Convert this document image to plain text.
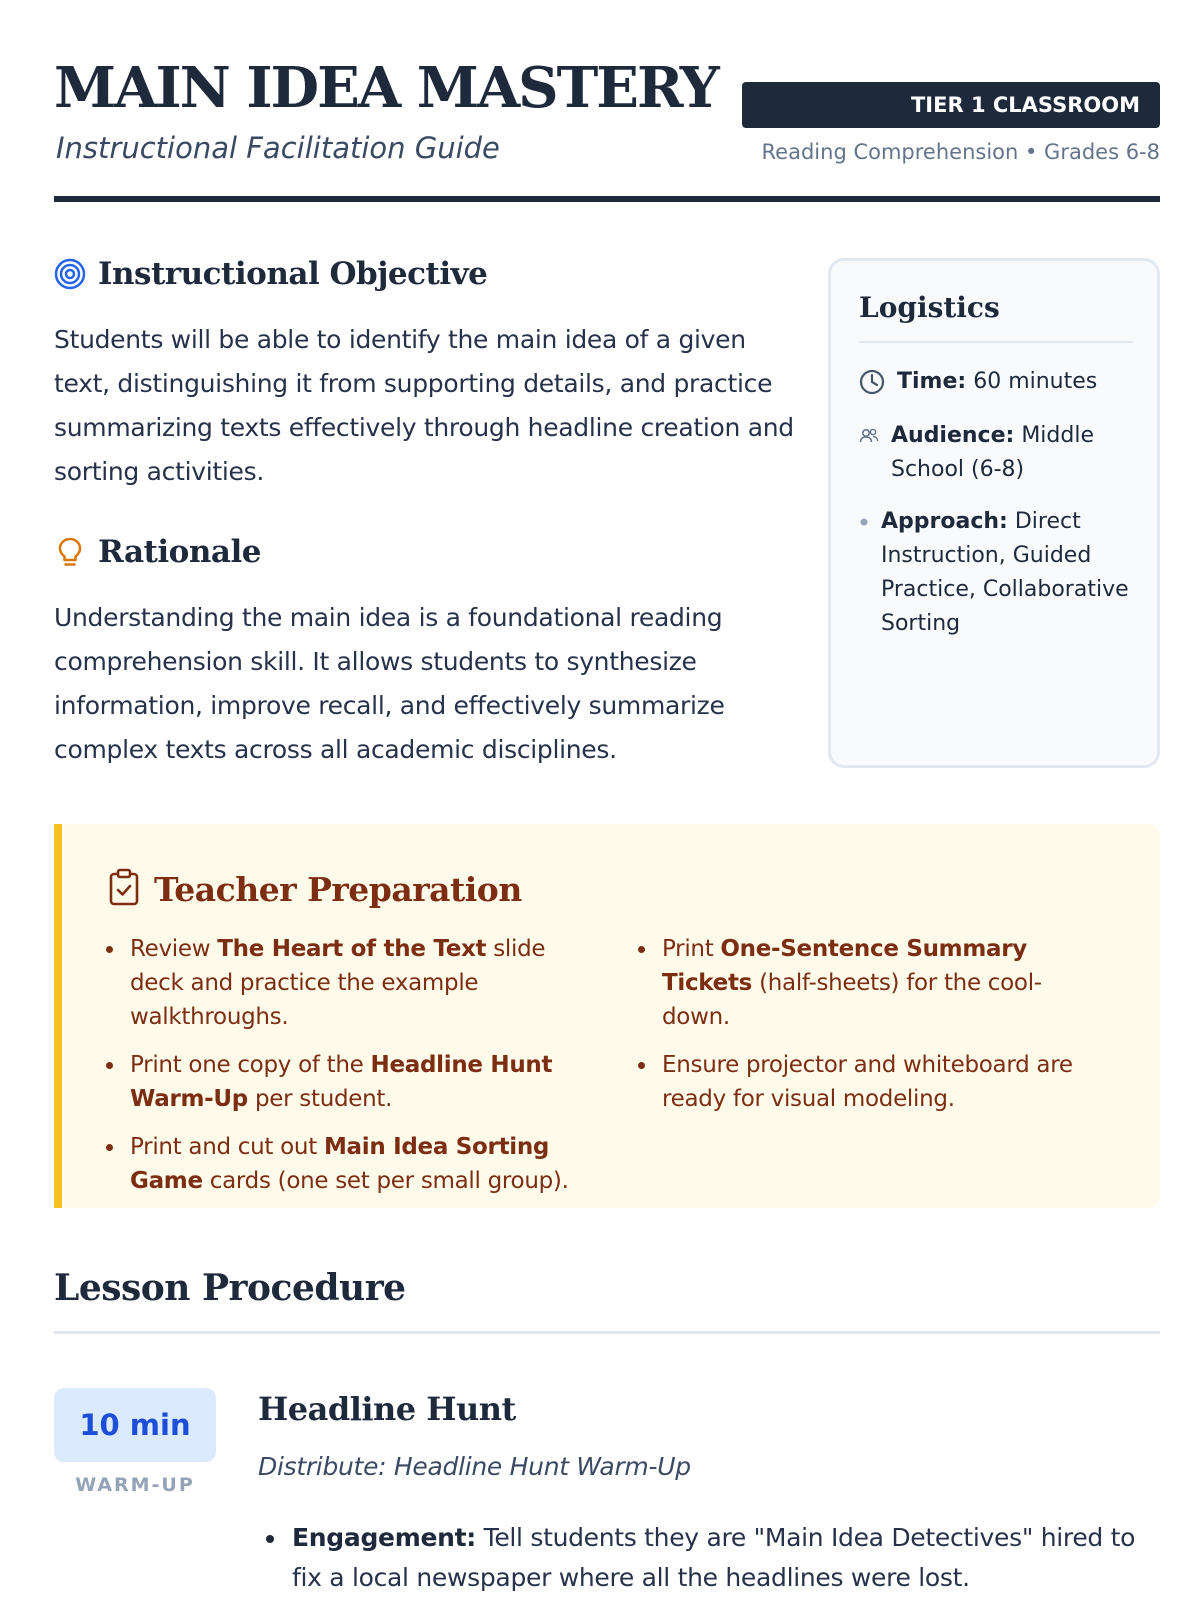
MAIN IDEA MASTERY
Instructional Facilitation Guide
TIER 1 CLASSROOM
Reading Comprehension • Grades 6-8
Instructional Objective

Students will be able to identify the main idea of a given text, distinguishing it from supporting details, and practice summarizing texts effectively through headline creation and sorting activities.

Rationale

Understanding the main idea is a foundational reading comprehension skill. It allows students to synthesize information, improve recall, and effectively summarize complex texts across all academic disciplines.

Logistics
Time: 60 minutes
Audience: Middle School (6-8)
Approach: Direct Instruction, Guided Practice, Collaborative Sorting
Teacher Preparation
Review The Heart of the Text slide deck and practice the example walkthroughs.
Print one copy of the Headline Hunt Warm-Up per student.
Print and cut out Main Idea Sorting Game cards (one set per small group).
Print One-Sentence Summary Tickets (half-sheets) for the cool-down.
Ensure projector and whiteboard are ready for visual modeling.
Lesson Procedure
10 min
WARM-UP
Headline Hunt
Distribute: Headline Hunt Warm-Up
Engagement: Tell students they are "Main Idea Detectives" hired to fix a local newspaper where all the headlines were lost.
